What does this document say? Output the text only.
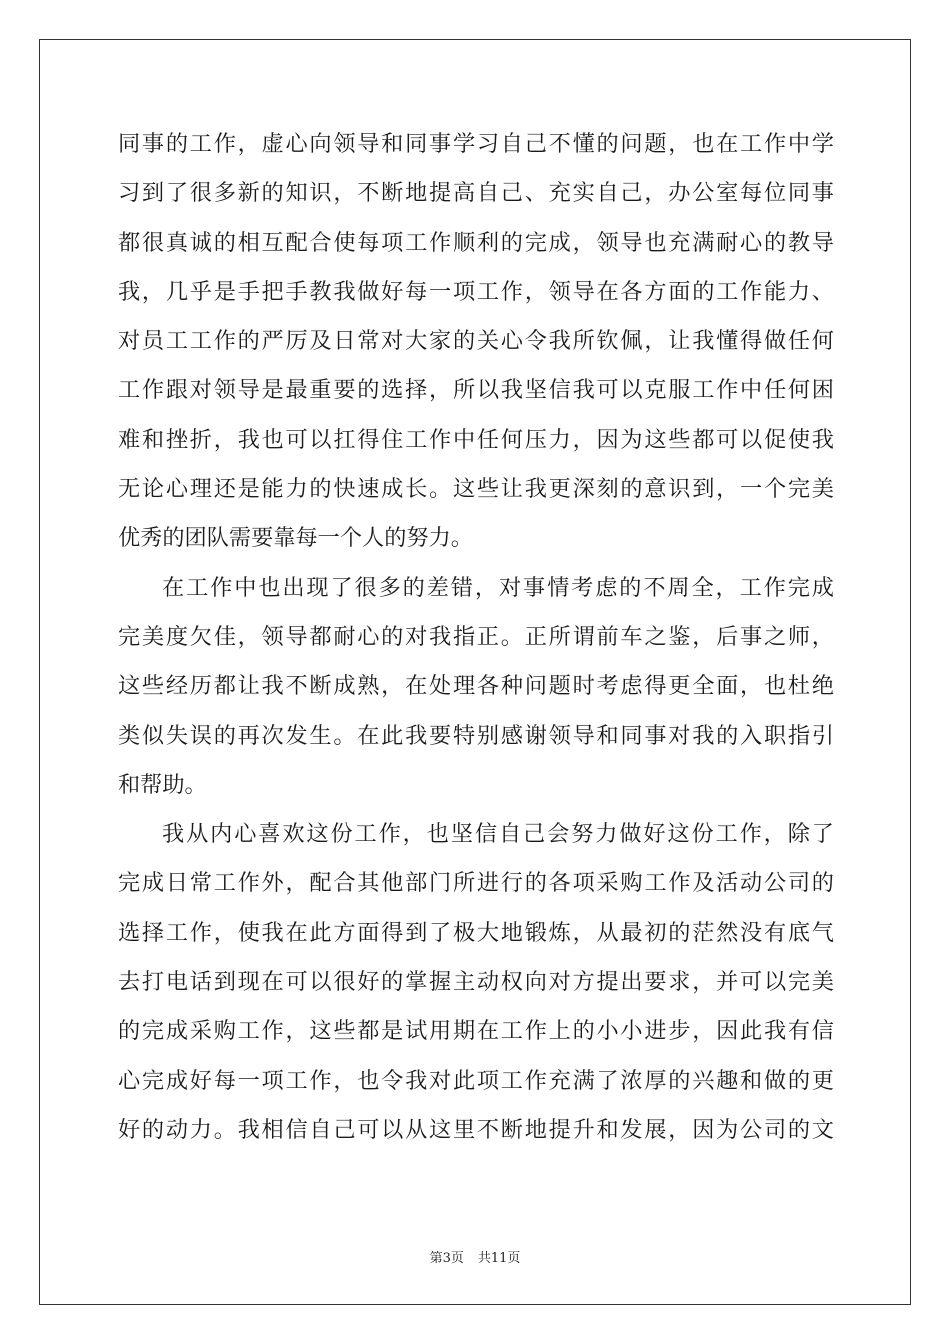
同事的工作，虚心向领导和同事学习自己不懂的问题，也在工作中学
习到了很多新的知识，不断地提高自己、充实自己，办公室每位同事
都很真诚的相互配合使每项工作顺利的完成，领导也充满耐心的教导
我，几乎是手把手教我做好每一项工作，领导在各方面的工作能力、
对员工工作的严厉及日常对大家的关心令我所钦佩，让我懂得做任何
工作跟对领导是最重要的选择，所以我坚信我可以克服工作中任何困
难和挫折，我也可以扛得住工作中任何压力，因为这些都可以促使我
无论心理还是能力的快速成长。这些让我更深刻的意识到，一个完美
优秀的团队需要靠每一个人的努力。
在工作中也出现了很多的差错，对事情考虑的不周全，工作完成
完美度欠佳，领导都耐心的对我指正。正所谓前车之鉴，后事之师，
这些经历都让我不断成熟，在处理各种问题时考虑得更全面，也杜绝
类似失误的再次发生。在此我要特别感谢领导和同事对我的入职指引
和帮助。
我从内心喜欢这份工作，也坚信自己会努力做好这份工作，除了
完成日常工作外，配合其他部门所进行的各项采购工作及活动公司的
选择工作，使我在此方面得到了极大地锻炼，从最初的茫然没有底气
去打电话到现在可以很好的掌握主动权向对方提出要求，并可以完美
的完成采购工作，这些都是试用期在工作上的小小进步，因此我有信
心完成好每一项工作，也令我对此项工作充满了浓厚的兴趣和做的更
好的动力。我相信自己可以从这里不断地提升和发展，因为公司的文
第3页 共11页
